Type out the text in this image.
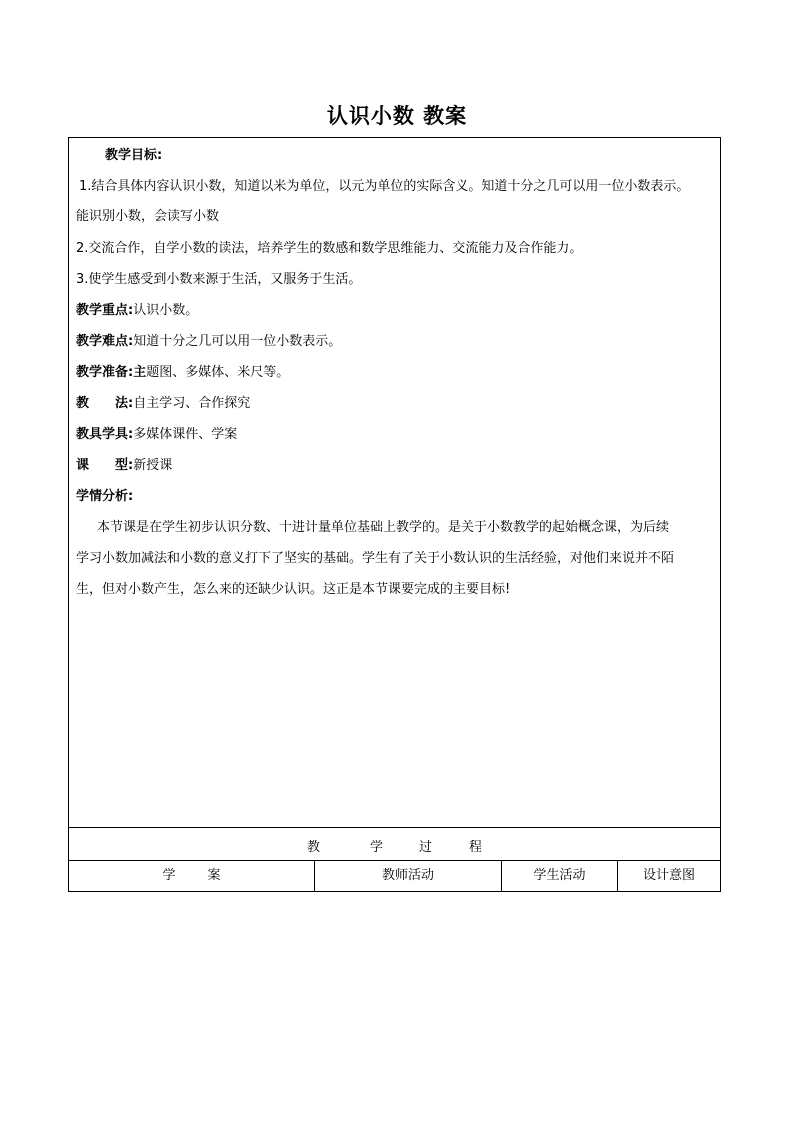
认识小数 教案
教学目标:
1.结合具体内容认识小数，知道以米为单位，以元为单位的实际含义。知道十分之几可以用一位小数表示。
能识别小数，会读写小数
2.交流合作，自学小数的读法，培养学生的数感和数学思维能力、交流能力及合作能力。
3.使学生感受到小数来源于生活，又服务于生活。
教学重点:认识小数。
教学难点:知道十分之几可以用一位小数表示。
教学准备:主题图、多媒体、米尺等。
教 法:自主学习、合作探究
教具学具:多媒体课件、学案
课 型:新授课
学情分析:
本节课是在学生初步认识分数、十进计量单位基础上教学的。是关于小数教学的起始概念课，为后续
学习小数加减法和小数的意义打下了坚实的基础。学生有了关于小数认识的生活经验，对他们来说并不陌
生，但对小数产生，怎么来的还缺少认识。这正是本节课要完成的主要目标!
教	学	过	程
学 案	教师活动	学生活动	设计意图
